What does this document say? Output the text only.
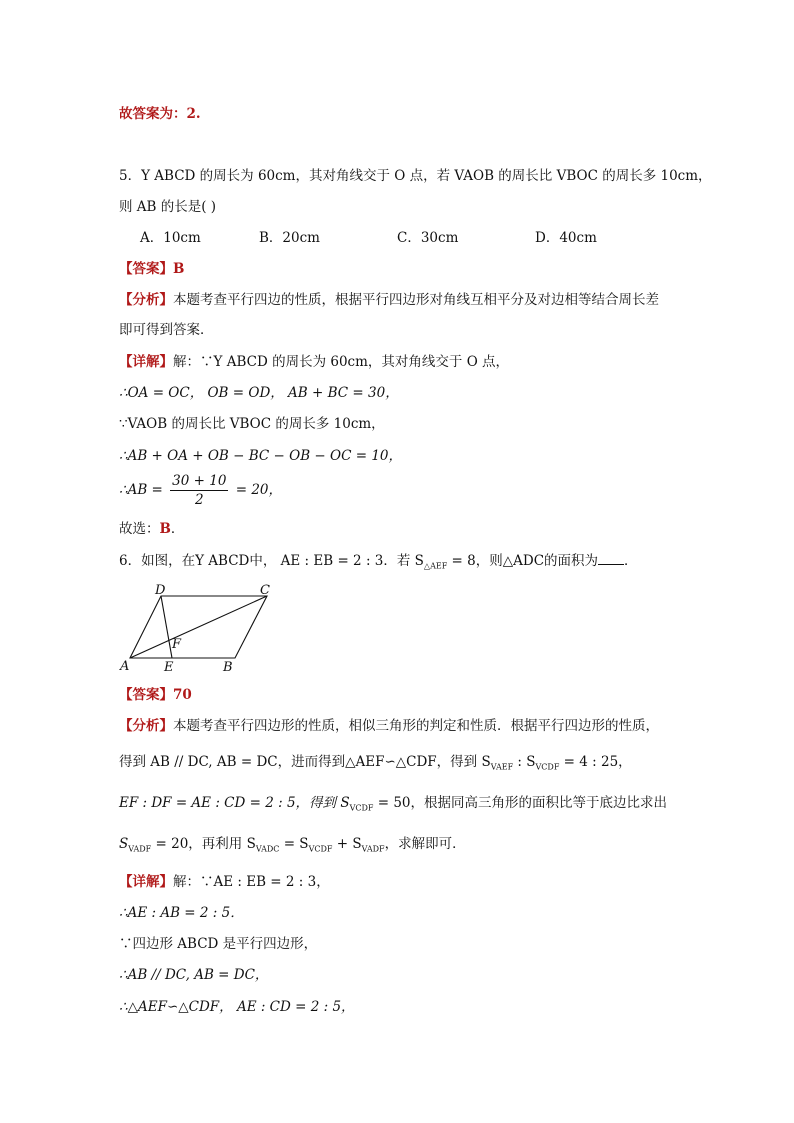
故答案为：2.
5．Y ABCD 的周长为 60cm，其对角线交于 O 点，若 VAOB 的周长比 VBOC 的周长多 10cm，
则 AB 的长是( )
A．10cm	B．20cm	C．30cm	D．40cm
【答案】B
【分析】本题考查平行四边的性质，根据平行四边形对角线互相平分及对边相等结合周长差
即可得到答案．
【详解】解：∵Y ABCD 的周长为 60cm，其对角线交于 O 点，
∴OA = OC， OB = OD， AB + BC = 30，
∵VAOB 的周长比 VBOC 的周长多 10cm，
∴AB + OA + OB − BC − OB − OC = 10，
∴AB = $\frac{30 + 10}{2} = 20$，
故选：B．
6．如图，在Y ABCD中， AE : EB = 2 : 3．若 $S_{\triangle AEF} = 8$，则△ADC的面积为 ．
D	C
F
A	E	B
【答案】70
【分析】本题考查平行四边形的性质，相似三角形的判定和性质．根据平行四边形的性质，
得到 AB // DC, AB = DC，进而得到△AEF∽△CDF，得到 $S_{VAEF}$ : $S_{VCDF} = 4$ : 25，
EF : DF = AE : CD = 2 : 5，得到 $S_{VCDF} = 50$，根据同高三角形的面积比等于底边比求出
$S_{VADF} = 20$，再利用 $S_{VADC} = S_{VCDF} + S_{VADF}$，求解即可．
【详解】解：∵AE : EB = 2 : 3，
∴AE : AB = 2 : 5．
∵四边形 ABCD 是平行四边形，
∴AB // DC, AB = DC，
∴△AEF∽△CDF， AE : CD = 2 : 5，
